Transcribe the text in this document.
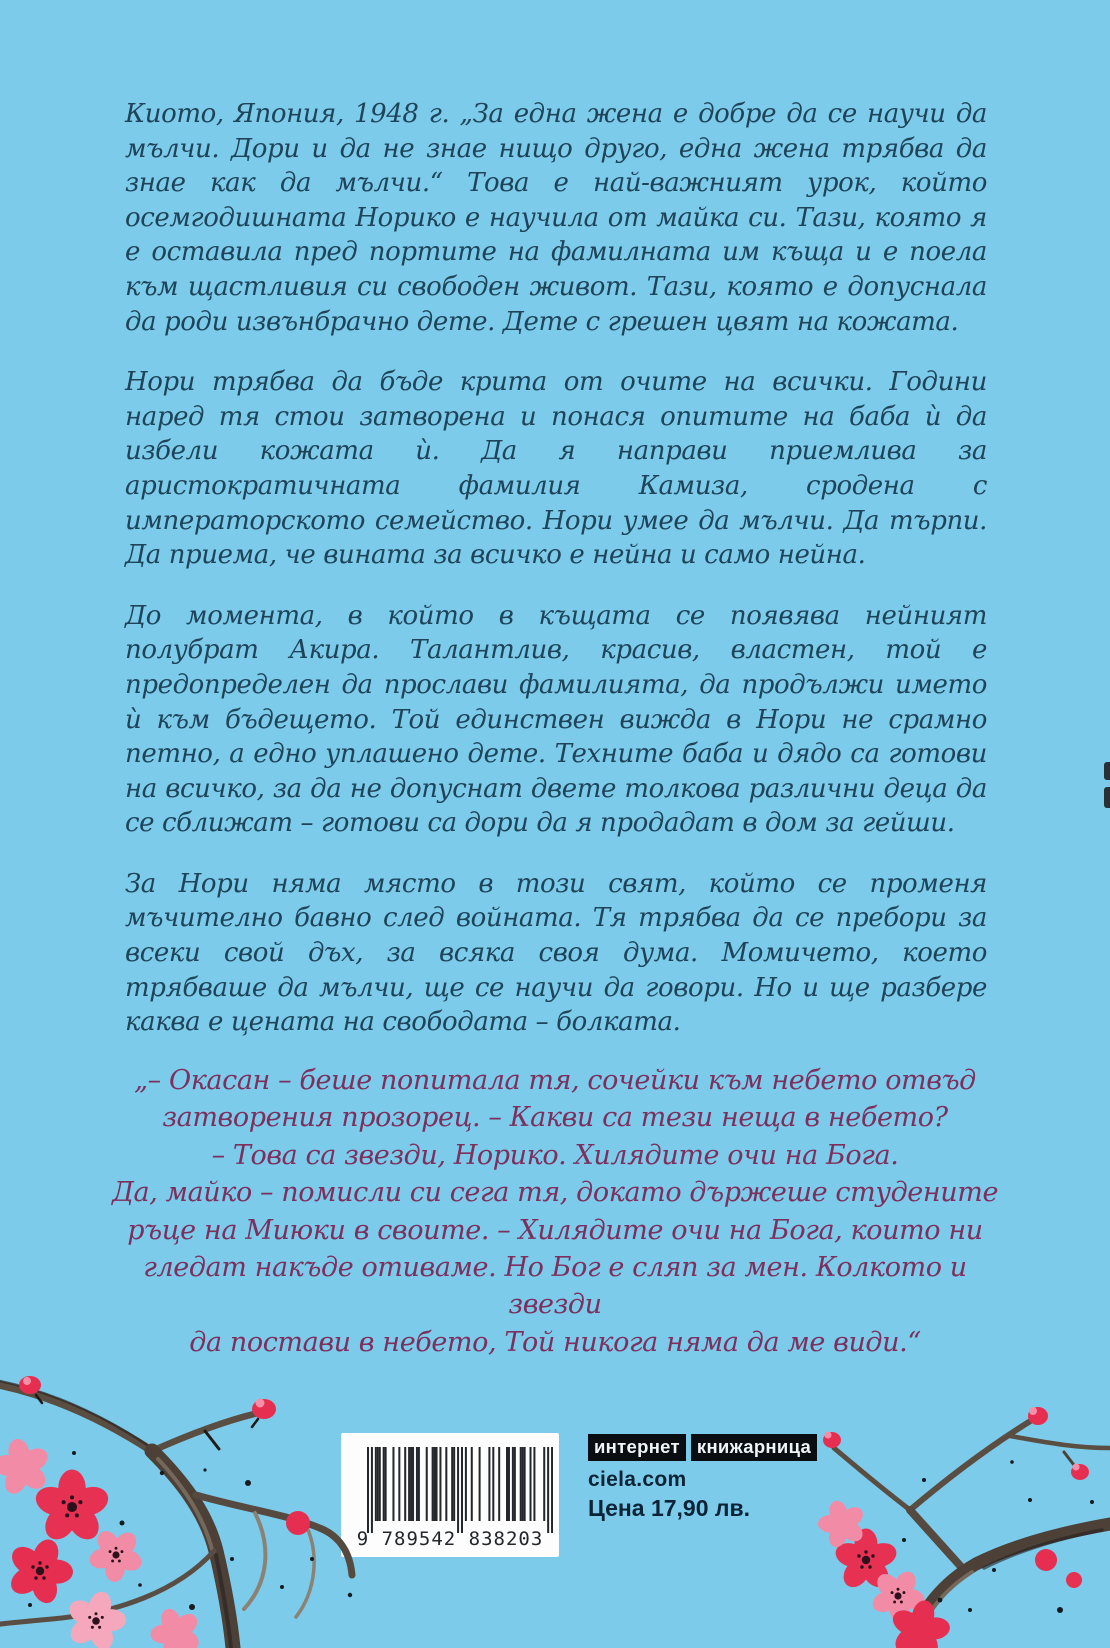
Киото, Япония, 1948 г. „За една жена е добре да се научи да мълчи. Дори и да не знае нищо друго, една жена трябва да знае как да мълчи.“ Това е най-важният урок, който осемгодишната Норико е научила от майка си. Тази, която я е оставила пред портите на фамилната им къща и е поела към щастливия си свободен живот. Тази, която е допуснала да роди извънбрачно дете. Дете с грешен цвят на кожата.

Нори трябва да бъде крита от очите на всички. Години наред тя стои затворена и понася опитите на баба ѝ да избели кожата ѝ. Да я направи приемлива за аристократичната фамилия Камиза, сродена с императорското семейство. Нори умее да мълчи. Да търпи. Да приема, че вината за всичко е нейна и само нейна.

До момента, в който в къщата се появява нейният полубрат Акира. Талантлив, красив, властен, той е предопределен да прослави фамилията, да продължи името ѝ към бъдещето. Той единствен вижда в Нори не срамно петно, а едно уплашено дете. Техните баба и дядо са готови на всичко, за да не допуснат двете толкова различни деца да се сближат – готови са дори да я продадат в дом за гейши.

За Нори няма място в този свят, който се променя мъчително бавно след войната. Тя трябва да се пребори за всеки свой дъх, за всяка своя дума. Момичето, което трябваше да мълчи, ще се научи да говори. Но и ще разбере каква е цената на свободата – болката.

„– Окасан – беше попитала тя, сочейки към небето отвъд
затворения прозорец. – Какви са тези неща в небето?
– Това са звезди, Норико. Хилядите очи на Бога.
Да, майко – помисли си сега тя, докато държеше студените
ръце на Миюки в своите. – Хилядите очи на Бога, които ни
гледат накъде отиваме. Но Бог е сляп за мен. Колкото и звезди
да постави в небето, Той никога няма да ме види.“
9 789542 838203
интернет книжарница
ciela.com
Цена 17,90 лв.
